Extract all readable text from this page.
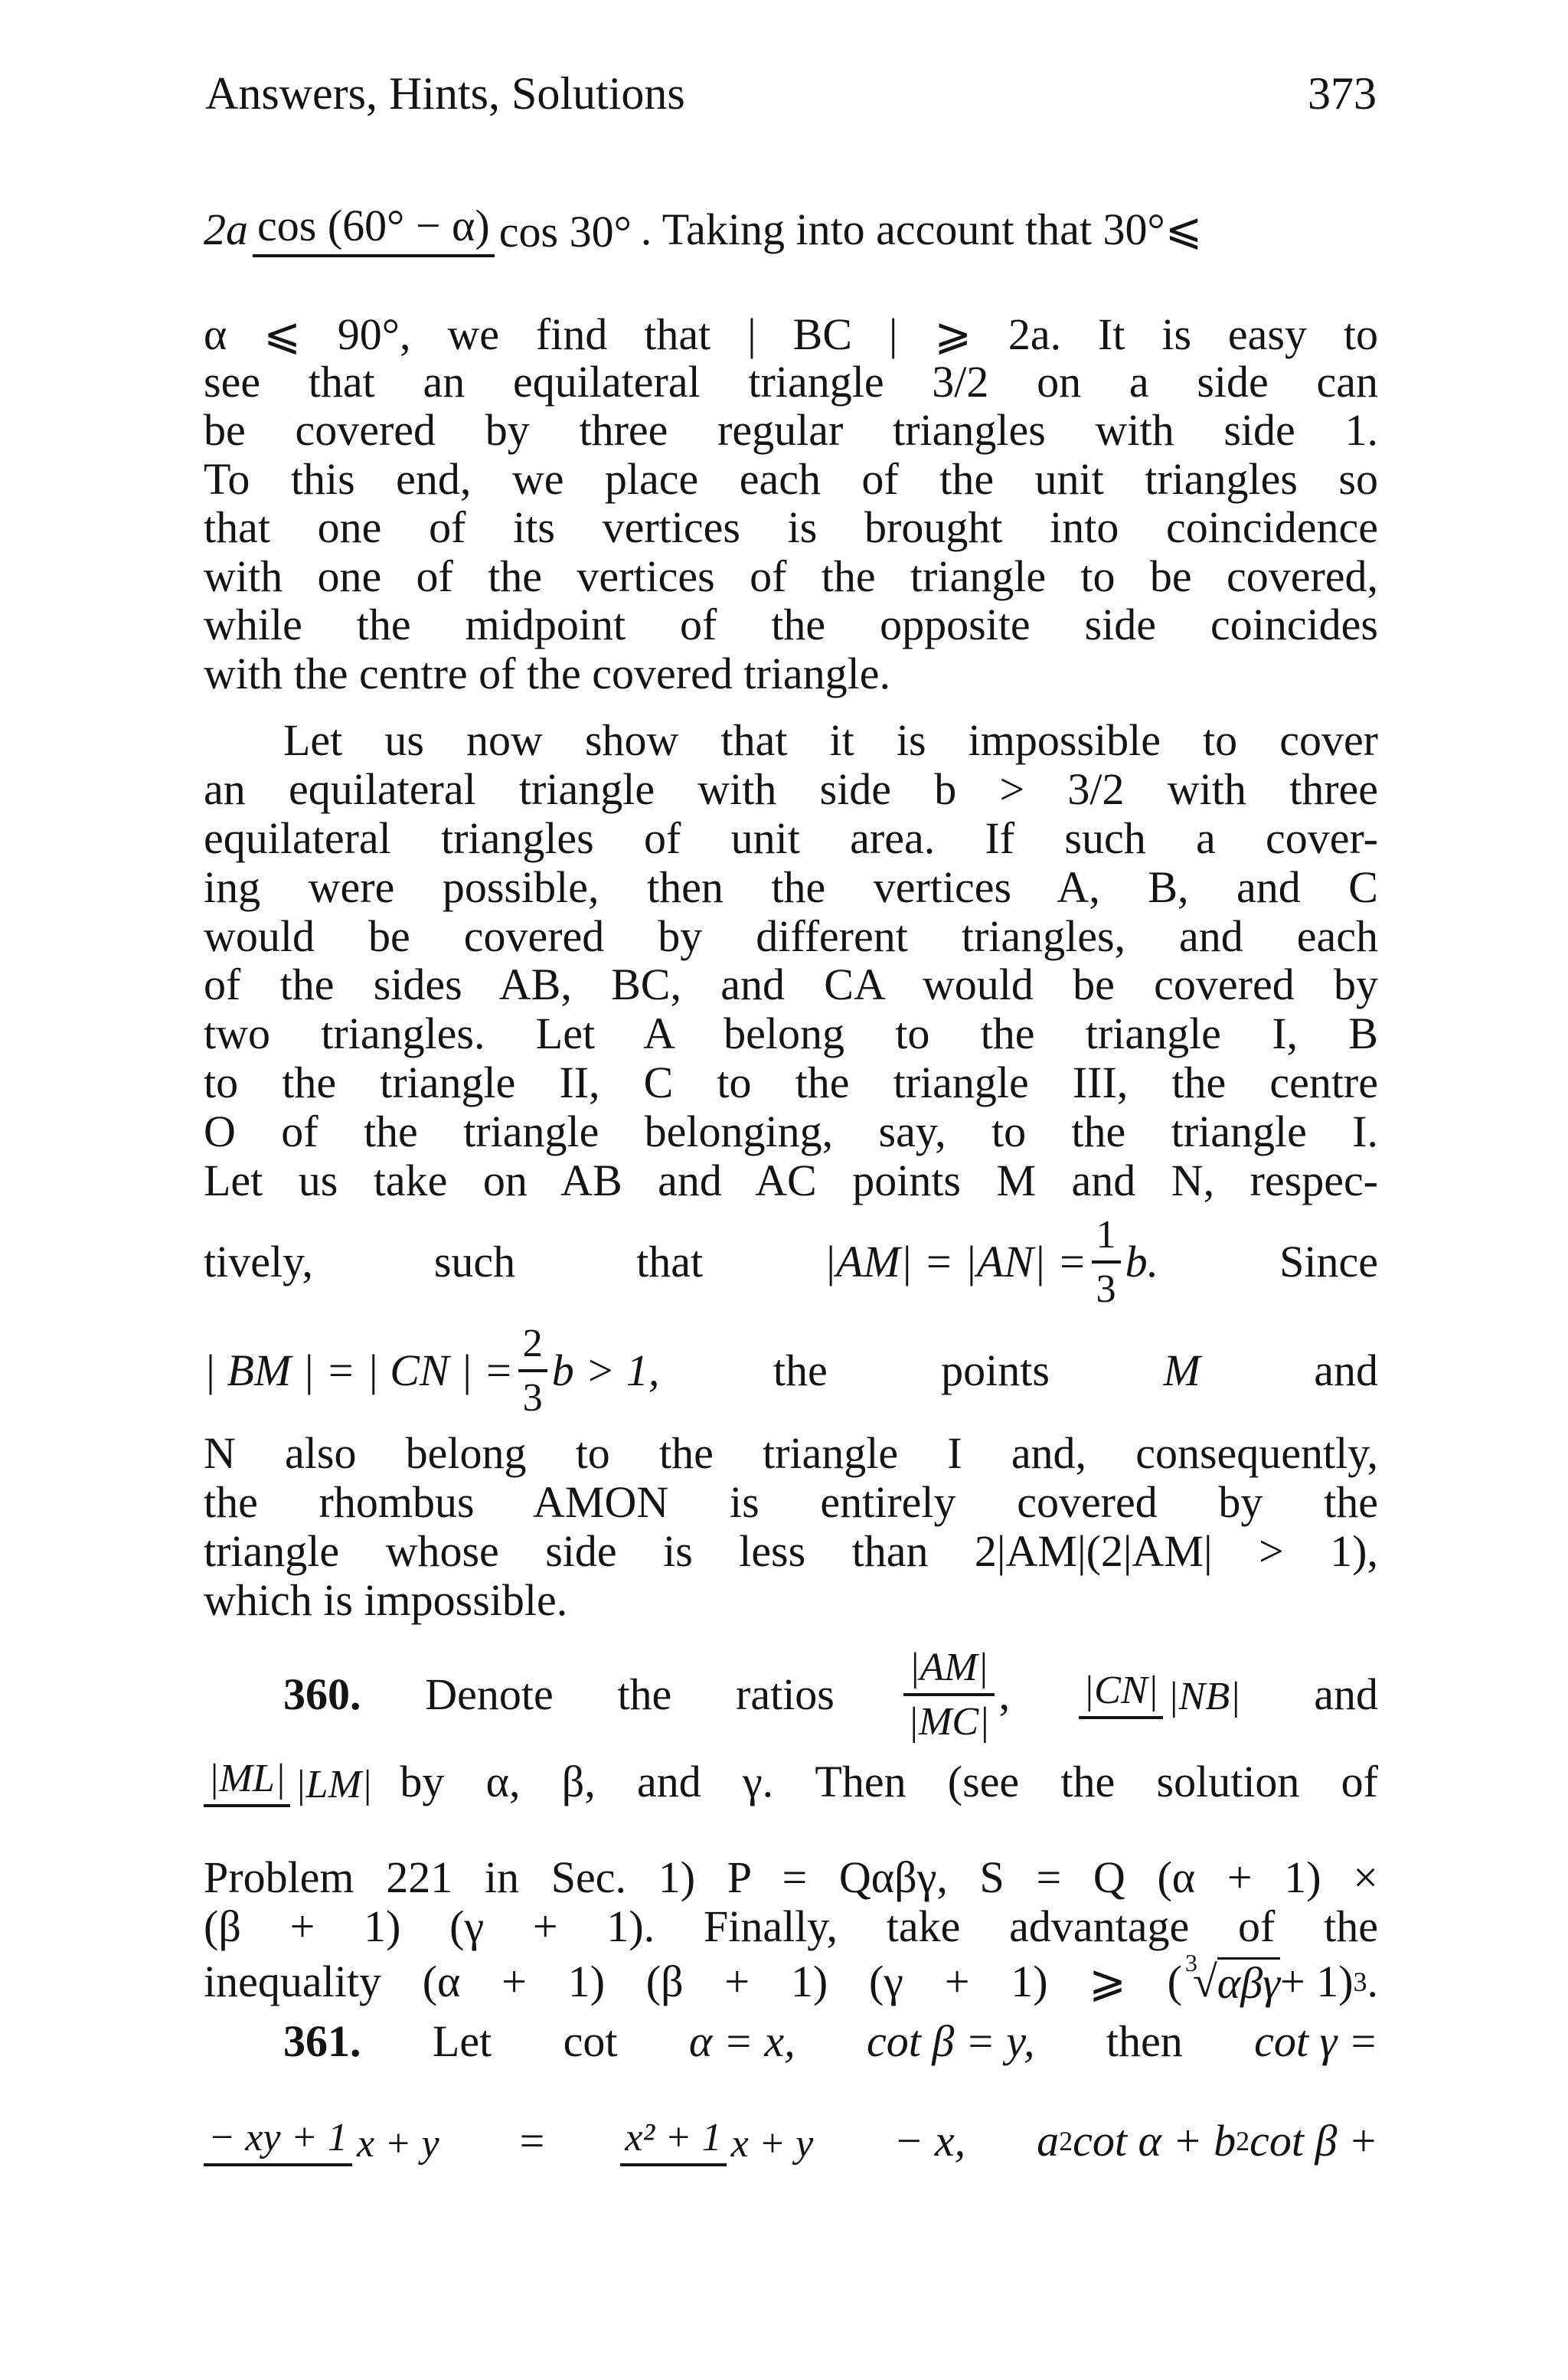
Answers, Hints, Solutions	373
2a cos (60° − α) cos 30° . Taking into account that 30°⩽
α ⩽ 90°, we find that | BC | ⩾ 2a. It is easy to
see that an equilateral triangle 3/2 on a side can
be covered by three regular triangles with side 1.
To this end, we place each of the unit triangles so
that one of its vertices is brought into coincidence
with one of the vertices of the triangle to be covered,
while the midpoint of the opposite side coincides
with the centre of the covered triangle.
Let us now show that it is impossible to cover
an equilateral triangle with side b > 3/2 with three
equilateral triangles of unit area. If such a cover-
ing were possible, then the vertices A, B, and C
would be covered by different triangles, and each
of the sides AB, BC, and CA would be covered by
two triangles. Let A belong to the triangle I, B
to the triangle II, C to the triangle III, the centre
O of the triangle belonging, say, to the triangle I.
Let us take on AB and AC points M and N, respec-
tively,	such	that	$|AM| = |AN| = \frac{1}{3} b$.	Since
| BM | = | CN | = $\frac{2}{3}$ b > 1,	the	points	M	and
N also belong to the triangle I and, consequently,
the rhombus AMON is entirely covered by the
triangle whose side is less than 2|AM|(2|AM| > 1),
which is impossible.
360. Denote the ratios $\frac{|AM|}{|MC|}$ , |CN| |NB| and
|ML| |LM| by α, β, and γ. Then (see the solution of
Problem 221 in Sec. 1) P = Qαβγ, S = Q (α + 1) ×
(β + 1) (γ + 1). Finally, take advantage of the
inequality (α + 1) (β + 1) (γ + 1) ⩾ ( 3
√ αβγ + 1) 3 .
361. Let cot α = x, cot β = y, then cot γ =
− xy + 1 x + y = x² + 1 x + y − x, a 2 cot α + b 2 cot β +
